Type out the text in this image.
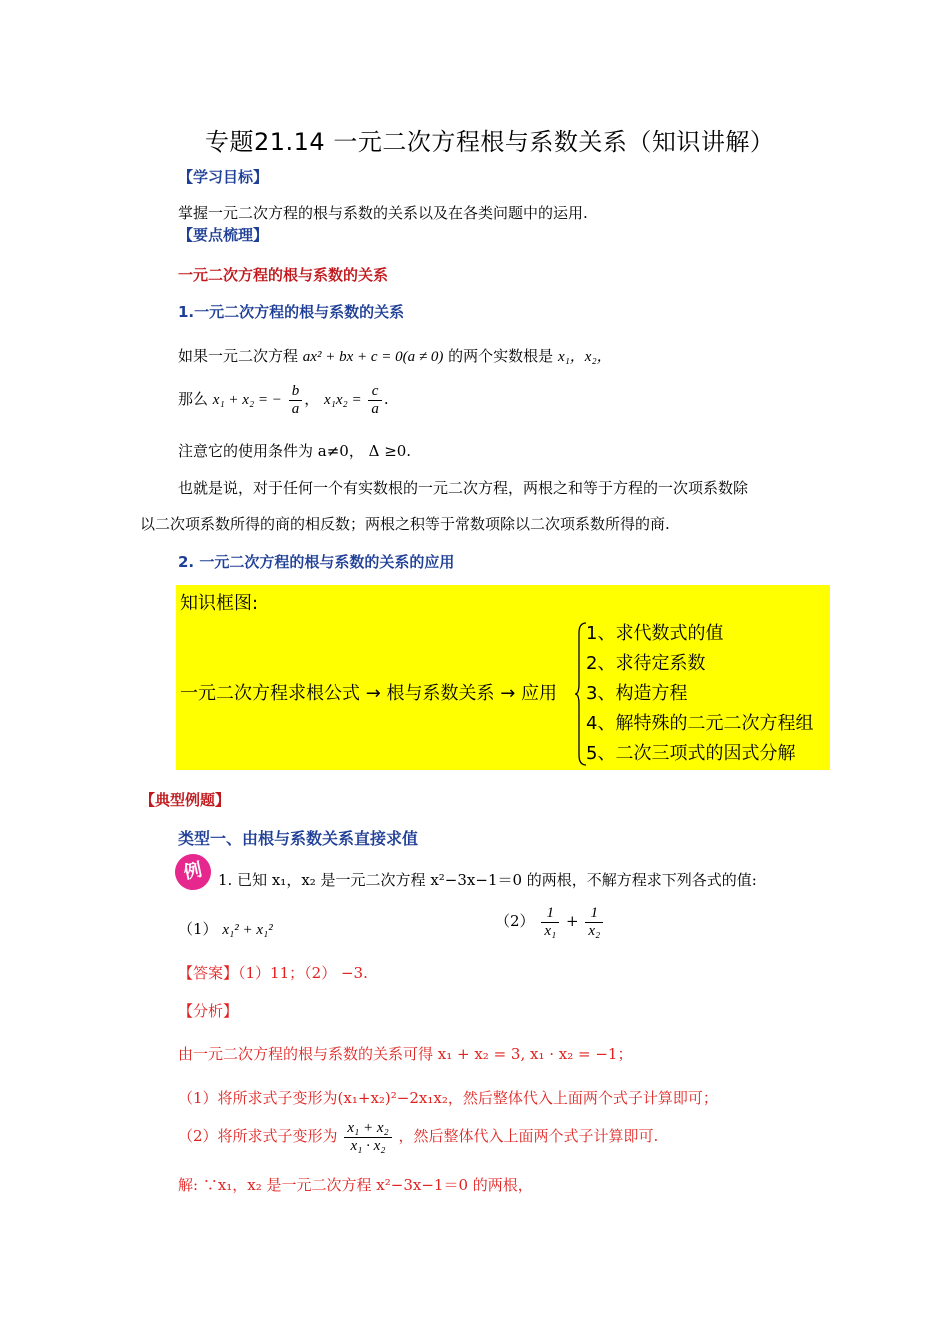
专题21.14 一元二次方程根与系数关系（知识讲解）
【学习目标】
掌握一元二次方程的根与系数的关系以及在各类问题中的运用.
【要点梳理】
一元二次方程的根与系数的关系
1.一元二次方程的根与系数的关系
如果一元二次方程 ax² + bx + c = 0(a ≠ 0) 的两个实数根是 x₁，x₂，
那么 x₁ + x₂ = − $\frac{b}{a}$ ， $x_1x_2 = \frac{c}{a}$ .
注意它的使用条件为 a≠0， Δ ≥0.
也就是说，对于任何一个有实数根的一元二次方程，两根之和等于方程的一次项系数除
以二次项系数所得的商的相反数；两根之积等于常数项除以二次项系数所得的商.
2. 一元二次方程的根与系数的关系的应用
知识框图:
一元二次方程求根公式 → 根与系数关系 → 应用
1、求代数式的值
2、求待定系数
3、构造方程
4、解特殊的二元二次方程组
5、二次三项式的因式分解
【典型例题】
类型一、由根与系数关系直接求值
例 1. 已知 x₁，x₂ 是一元二次方程 x²−3x−1＝0 的两根，不解方程求下列各式的值:
（1） x₁² + x₁²	$(2) \frac{1}{\text{x₁}} + \frac{1}{\text{x₂}}$
【答案】（1）11；（2） −3.
【分析】
由一元二次方程的根与系数的关系可得 x₁ + x₂ = 3, x₁ · x₂ = −1；
（1）将所求式子变形为(x₁+x₂)²−2x₁x₂，然后整体代入上面两个式子计算即可；
（2）将所求式子变形为 $\frac{\text{x₁ + x₂}}{\text{x₁ · x₂}}$ ，然后整体代入上面两个式子计算即可.
解: ∵x₁，x₂ 是一元二次方程 x²−3x−1＝0 的两根，
